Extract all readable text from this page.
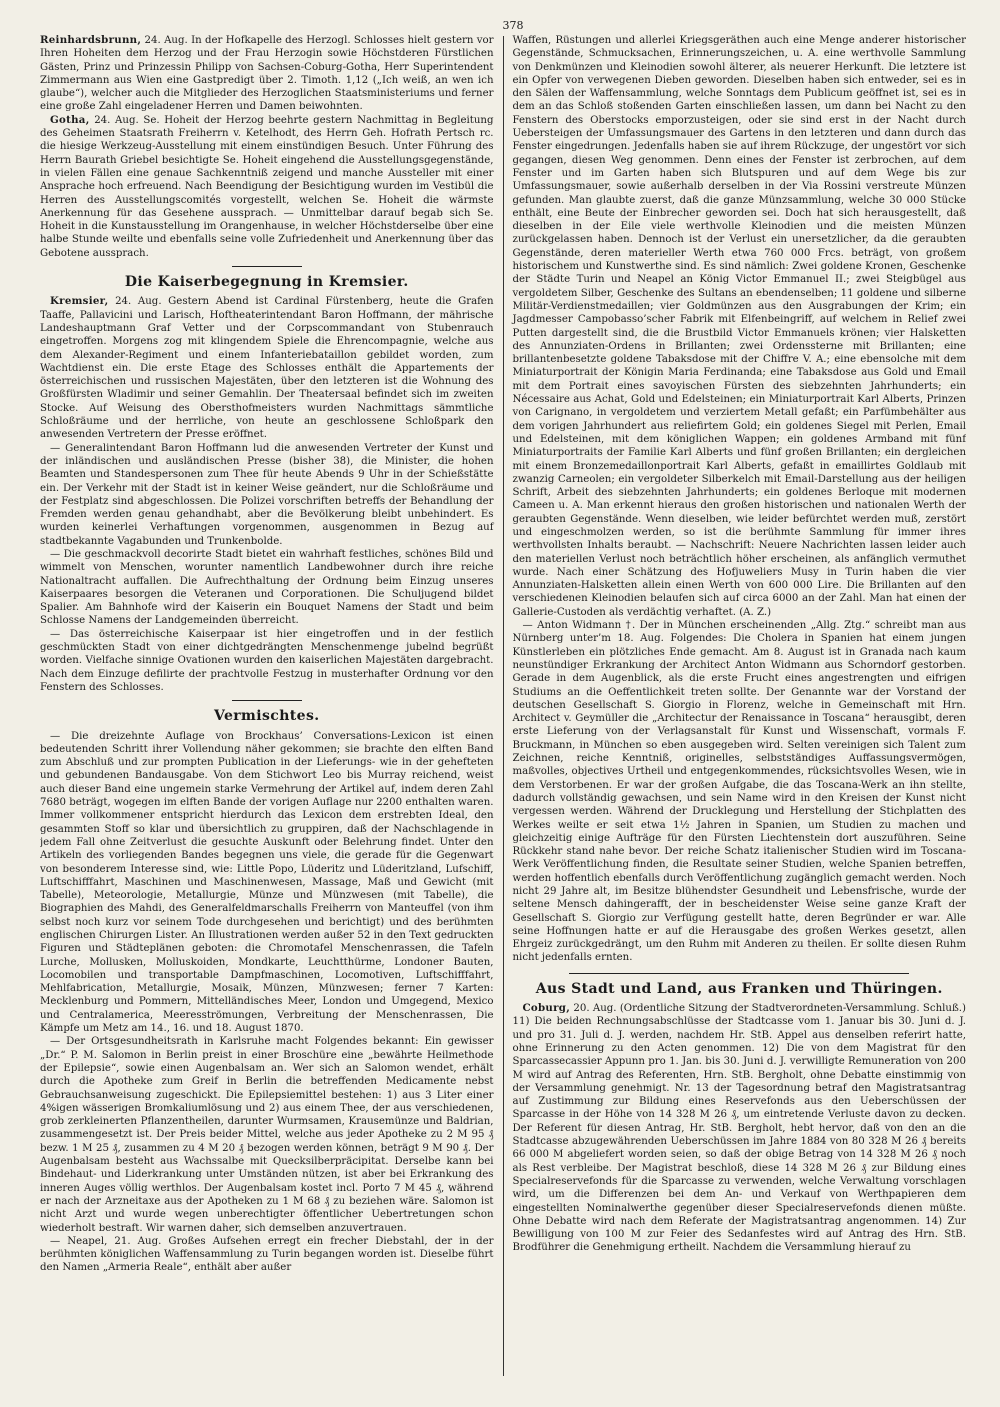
378

Reinhardsbrunn, 24. Aug. In der Hofkapelle des Herzogl. Schlosses hielt gestern vor Ihren Hoheiten dem Herzog und der Frau Herzogin sowie Höchstderen Fürstlichen Gästen, Prinz und Prinzessin Philipp von Sachsen-Coburg-Gotha, Herr Superintendent Zimmermann aus Wien eine Gastpredigt über 2. Timoth. 1,12 („Ich weiß, an wen ich glaube“), welcher auch die Mitglieder des Herzoglichen Staatsministeriums und ferner eine große Zahl eingeladener Herren und Damen beiwohnten.

Gotha, 24. Aug. Se. Hoheit der Herzog beehrte gestern Nachmittag in Begleitung des Geheimen Staatsrath Freiherrn v. Ketelhodt, des Herrn Geh. Hofrath Pertsch rc. die hiesige Werkzeug-Ausstellung mit einem einstündigen Besuch. Unter Führung des Herrn Baurath Griebel besichtigte Se. Hoheit eingehend die Ausstellungsgegenstände, in vielen Fällen eine genaue Sachkenntniß zeigend und manche Aussteller mit einer Ansprache hoch erfreuend. Nach Beendigung der Besichtigung wurden im Vestibül die Herren des Ausstellungscomités vorgestellt, welchen Se. Hoheit die wärmste Anerkennung für das Gesehene aussprach. — Unmittelbar darauf begab sich Se. Hoheit in die Kunstausstellung im Orangenhause, in welcher Höchstderselbe über eine halbe Stunde weilte und ebenfalls seine volle Zufriedenheit und Anerkennung über das Gebotene aussprach.

Die Kaiserbegegnung in Kremsier.

Kremsier, 24. Aug. Gestern Abend ist Cardinal Fürstenberg, heute die Grafen Taaffe, Pallavicini und Larisch, Hoftheaterintendant Baron Hoffmann, der mährische Landeshauptmann Graf Vetter und der Corpscommandant von Stubenrauch eingetroffen. Morgens zog mit klingendem Spiele die Ehrencompagnie, welche aus dem Alexander-Regiment und einem Infanteriebataillon gebildet worden, zum Wachtdienst ein. Die erste Etage des Schlosses enthält die Appartements der österreichischen und russischen Majestäten, über den letzteren ist die Wohnung des Großfürsten Wladimir und seiner Gemahlin. Der Theatersaal befindet sich im zweiten Stocke. Auf Weisung des Obersthofmeisters wurden Nachmittags sämmtliche Schloßräume und der herrliche, von heute an geschlossene Schloßpark den anwesenden Vertretern der Presse eröffnet.

— Generalintendant Baron Hoffmann lud die anwesenden Vertreter der Kunst und der inländischen und ausländischen Presse (bisher 38), die Minister, die hohen Beamten und Standespersonen zum Thee für heute Abends 9 Uhr in der Schießstätte ein. Der Verkehr mit der Stadt ist in keiner Weise geändert, nur die Schloßräume und der Festplatz sind abgeschlossen. Die Polizei vorschriften betreffs der Behandlung der Fremden werden genau gehandhabt, aber die Bevölkerung bleibt unbehindert. Es wurden keinerlei Verhaftungen vorgenommen, ausgenommen in Bezug auf stadtbekannte Vagabunden und Trunkenbolde.

— Die geschmackvoll decorirte Stadt bietet ein wahrhaft festliches, schönes Bild und wimmelt von Menschen, worunter namentlich Landbewohner durch ihre reiche Nationaltracht auffallen. Die Aufrechthaltung der Ordnung beim Einzug unseres Kaiserpaares besorgen die Veteranen und Corporationen. Die Schuljugend bildet Spalier. Am Bahnhofe wird der Kaiserin ein Bouquet Namens der Stadt und beim Schlosse Namens der Landgemeinden überreicht.

— Das österreichische Kaiserpaar ist hier eingetroffen und in der festlich geschmückten Stadt von einer dichtgedrängten Menschenmenge jubelnd begrüßt worden. Vielfache sinnige Ovationen wurden den kaiserlichen Majestäten dargebracht. Nach dem Einzuge defilirte der prachtvolle Festzug in musterhafter Ordnung vor den Fenstern des Schlosses.

Vermischtes.

— Die dreizehnte Auflage von Brockhaus’ Conversations-Lexicon ist einen bedeutenden Schritt ihrer Vollendung näher gekommen; sie brachte den elften Band zum Abschluß und zur prompten Publication in der Lieferungs- wie in der gehefteten und gebundenen Bandausgabe. Von dem Stichwort Leo bis Murray reichend, weist auch dieser Band eine ungemein starke Vermehrung der Artikel auf, indem deren Zahl 7680 beträgt, wogegen im elften Bande der vorigen Auflage nur 2200 enthalten waren. Immer vollkommener entspricht hierdurch das Lexicon dem erstrebten Ideal, den gesammten Stoff so klar und übersichtlich zu gruppiren, daß der Nachschlagende in jedem Fall ohne Zeitverlust die gesuchte Auskunft oder Belehrung findet. Unter den Artikeln des vorliegenden Bandes begegnen uns viele, die gerade für die Gegenwart von besonderem Interesse sind, wie: Little Popo, Lüderitz und Lüderitzland, Lufschiff, Luftschifffahrt, Maschinen und Maschinenwesen, Massage, Maß und Gewicht (mit Tabelle), Meteorologie, Metallurgie, Münze und Münzwesen (mit Tabelle), die Biographien des Mahdi, des Generalfeldmarschalls Freiherrn von Manteuffel (von ihm selbst noch kurz vor seinem Tode durchgesehen und berichtigt) und des berühmten englischen Chirurgen Lister. An Illustrationen werden außer 52 in den Text gedruckten Figuren und Städteplänen geboten: die Chromotafel Menschenrassen, die Tafeln Lurche, Mollusken, Molluskoiden, Mondkarte, Leuchtthürme, Londoner Bauten, Locomobilen und transportable Dampfmaschinen, Locomotiven, Luftschifffahrt, Mehlfabrication, Metallurgie, Mosaik, Münzen, Münzwesen; ferner 7 Karten: Mecklenburg und Pommern, Mittelländisches Meer, London und Umgegend, Mexico und Centralamerica, Meeresströmungen, Verbreitung der Menschenrassen, Die Kämpfe um Metz am 14., 16. und 18. August 1870.

— Der Ortsgesundheitsrath in Karlsruhe macht Folgendes bekannt: Ein gewisser „Dr.“ P. M. Salomon in Berlin preist in einer Broschüre eine „bewährte Heilmethode der Epilepsie“, sowie einen Augenbalsam an. Wer sich an Salomon wendet, erhält durch die Apotheke zum Greif in Berlin die betreffenden Medicamente nebst Gebrauchsanweisung zugeschickt. Die Epilepsiemittel bestehen: 1) aus 3 Liter einer 4%igen wässerigen Bromkaliumlösung und 2) aus einem Thee, der aus verschiedenen, grob zerkleinerten Pflanzentheilen, darunter Wurmsamen, Krausemünze und Baldrian, zusammengesetzt ist. Der Preis beider Mittel, welche aus jeder Apotheke zu 2 M 95 ₰ bezw. 1 M 25 ₰, zusammen zu 4 M 20 ₰ bezogen werden können, beträgt 9 M 90 ₰. Der Augenbalsam besteht aus Wachssalbe mit Quecksilberpräcipitat. Derselbe kann bei Bindehaut- und Liderkrankung unter Umständen nützen, ist aber bei Erkrankung des inneren Auges völlig werthlos. Der Augenbalsam kostet incl. Porto 7 M 45 ₰, während er nach der Arzneitaxe aus der Apotheken zu 1 M 68 ₰ zu beziehen wäre. Salomon ist nicht Arzt und wurde wegen unberechtigter öffentlicher Uebertretungen schon wiederholt bestraft. Wir warnen daher, sich demselben anzuvertrauen.

— Neapel, 21. Aug. Großes Aufsehen erregt ein frecher Diebstahl, der in der berühmten königlichen Waffensammlung zu Turin begangen worden ist. Dieselbe führt den Namen „Armeria Reale“, enthält aber außer

Waffen, Rüstungen und allerlei Kriegsgeräthen auch eine Menge anderer historischer Gegenstände, Schmucksachen, Erinnerungszeichen, u. A. eine werthvolle Sammlung von Denkmünzen und Kleinodien sowohl älterer, als neuerer Herkunft. Die letztere ist ein Opfer von verwegenen Dieben geworden. Dieselben haben sich entweder, sei es in den Sälen der Waffensammlung, welche Sonntags dem Publicum geöffnet ist, sei es in dem an das Schloß stoßenden Garten einschließen lassen, um dann bei Nacht zu den Fenstern des Oberstocks emporzusteigen, oder sie sind erst in der Nacht durch Uebersteigen der Umfassungsmauer des Gartens in den letzteren und dann durch das Fenster eingedrungen. Jedenfalls haben sie auf ihrem Rückzuge, der ungestört vor sich gegangen, diesen Weg genommen. Denn eines der Fenster ist zerbrochen, auf dem Fenster und im Garten haben sich Blutspuren und auf dem Wege bis zur Umfassungsmauer, sowie außerhalb derselben in der Via Rossini verstreute Münzen gefunden. Man glaubte zuerst, daß die ganze Münzsammlung, welche 30 000 Stücke enthält, eine Beute der Einbrecher geworden sei. Doch hat sich herausgestellt, daß dieselben in der Eile viele werthvolle Kleinodien und die meisten Münzen zurückgelassen haben. Dennoch ist der Verlust ein unersetzlicher, da die geraubten Gegenstände, deren materieller Werth etwa 760 000 Frcs. beträgt, von großem historischem und Kunstwerthe sind. Es sind nämlich: Zwei goldene Kronen, Geschenke der Städte Turin und Neapel an König Victor Emmanuel II.; zwei Steigbügel aus vergoldetem Silber, Geschenke des Sultans an ebendenselben; 11 goldene und silberne Militär-Verdienstmedaillen; vier Goldmünzen aus den Ausgrabungen der Krim; ein Jagdmesser Campobasso’scher Fabrik mit Elfenbeingriff, auf welchem in Relief zwei Putten dargestellt sind, die die Brustbild Victor Emmanuels krönen; vier Halsketten des Annunziaten-Ordens in Brillanten; zwei Ordenssterne mit Brillanten; eine brillantenbesetzte goldene Tabaksdose mit der Chiffre V. A.; eine ebensolche mit dem Miniaturportrait der Königin Maria Ferdinanda; eine Tabaksdose aus Gold und Email mit dem Portrait eines savoyischen Fürsten des siebzehnten Jahrhunderts; ein Nécessaire aus Achat, Gold und Edelsteinen; ein Miniaturportrait Karl Alberts, Prinzen von Carignano, in vergoldetem und verziertem Metall gefaßt; ein Parfümbehälter aus dem vorigen Jahrhundert aus reliefirtem Gold; ein goldenes Siegel mit Perlen, Email und Edelsteinen, mit dem königlichen Wappen; ein goldenes Armband mit fünf Miniaturportraits der Familie Karl Alberts und fünf großen Brillanten; ein dergleichen mit einem Bronzemedaillonportrait Karl Alberts, gefaßt in emaillirtes Goldlaub mit zwanzig Carneolen; ein vergoldeter Silberkelch mit Email-Darstellung aus der heiligen Schrift, Arbeit des siebzehnten Jahrhunderts; ein goldenes Berloque mit modernen Cameen u. A. Man erkennt hieraus den großen historischen und nationalen Werth der geraubten Gegenstände. Wenn dieselben, wie leider befürchtet werden muß, zerstört und eingeschmolzen werden, so ist die berühmte Sammlung für immer ihres werthvollsten Inhalts beraubt. — Nachschrift: Neuere Nachrichten lassen leider auch den materiellen Verlust noch beträchtlich höher erscheinen, als anfänglich vermuthet wurde. Nach einer Schätzung des Hofjuweliers Musy in Turin haben die vier Annunziaten-Halsketten allein einen Werth von 600 000 Lire. Die Brillanten auf den verschiedenen Kleinodien belaufen sich auf circa 6000 an der Zahl. Man hat einen der Gallerie-Custoden als verdächtig verhaftet. (A. Z.)

— Anton Widmann †. Der in München erscheinenden „Allg. Ztg.“ schreibt man aus Nürnberg unter’m 18. Aug. Folgendes: Die Cholera in Spanien hat einem jungen Künstlerleben ein plötzliches Ende gemacht. Am 8. August ist in Granada nach kaum neunstündiger Erkrankung der Architect Anton Widmann aus Schorndorf gestorben. Gerade in dem Augenblick, als die erste Frucht eines angestrengten und eifrigen Studiums an die Oeffentlichkeit treten sollte. Der Genannte war der Vorstand der deutschen Gesellschaft S. Giorgio in Florenz, welche in Gemeinschaft mit Hrn. Architect v. Geymüller die „Architectur der Renaissance in Toscana“ herausgibt, deren erste Lieferung von der Verlagsanstalt für Kunst und Wissenschaft, vormals F. Bruckmann, in München so eben ausgegeben wird. Selten vereinigen sich Talent zum Zeichnen, reiche Kenntniß, originelles, selbstständiges Auffassungsvermögen, maßvolles, objectives Urtheil und entgegenkommendes, rücksichtsvolles Wesen, wie in dem Verstorbenen. Er war der großen Aufgabe, die das Toscana-Werk an ihn stellte, dadurch vollständig gewachsen, und sein Name wird in den Kreisen der Kunst nicht vergessen werden. Während der Drucklegung und Herstellung der Stichplatten des Werkes weilte er seit etwa 1½ Jahren in Spanien, um Studien zu machen und gleichzeitig einige Aufträge für den Fürsten Liechtenstein dort auszuführen. Seine Rückkehr stand nahe bevor. Der reiche Schatz italienischer Studien wird im Toscana-Werk Veröffentlichung finden, die Resultate seiner Studien, welche Spanien betreffen, werden hoffentlich ebenfalls durch Veröffentlichung zugänglich gemacht werden. Noch nicht 29 Jahre alt, im Besitze blühendster Gesundheit und Lebensfrische, wurde der seltene Mensch dahingerafft, der in bescheidenster Weise seine ganze Kraft der Gesellschaft S. Giorgio zur Verfügung gestellt hatte, deren Begründer er war. Alle seine Hoffnungen hatte er auf die Herausgabe des großen Werkes gesetzt, allen Ehrgeiz zurückgedrängt, um den Ruhm mit Anderen zu theilen. Er sollte diesen Ruhm nicht jedenfalls ernten.

Aus Stadt und Land, aus Franken und Thüringen.

Coburg, 20. Aug. (Ordentliche Sitzung der Stadtverordneten-Versammlung. Schluß.) 11) Die beiden Rechnungsabschlüsse der Stadtcasse vom 1. Januar bis 30. Juni d. J. und pro 31. Juli d. J. werden, nachdem Hr. StB. Appel aus denselben referirt hatte, ohne Erinnerung zu den Acten genommen. 12) Die von dem Magistrat für den Sparcassecassier Appunn pro 1. Jan. bis 30. Juni d. J. verwilligte Remuneration von 200 M wird auf Antrag des Referenten, Hrn. StB. Bergholt, ohne Debatte einstimmig von der Versammlung genehmigt. Nr. 13 der Tagesordnung betraf den Magistratsantrag auf Zustimmung zur Bildung eines Reservefonds aus den Ueberschüssen der Sparcasse in der Höhe von 14 328 M 26 ₰, um eintretende Verluste davon zu decken. Der Referent für diesen Antrag, Hr. StB. Bergholt, hebt hervor, daß von den an die Stadtcasse abzugewährenden Ueberschüssen im Jahre 1884 von 80 328 M 26 ₰ bereits 66 000 M abgeliefert worden seien, so daß der obige Betrag von 14 328 M 26 ₰ noch als Rest verbleibe. Der Magistrat beschloß, diese 14 328 M 26 ₰ zur Bildung eines Specialreservefonds für die Sparcasse zu verwenden, welche Verwaltung vorschlagen wird, um die Differenzen bei dem An- und Verkauf von Werthpapieren dem eingestellten Nominalwerthe gegenüber dieser Specialreservefonds dienen müßte. Ohne Debatte wird nach dem Referate der Magistratsantrag angenommen. 14) Zur Bewilligung von 100 M zur Feier des Sedanfestes wird auf Antrag des Hrn. StB. Brodführer die Genehmigung ertheilt. Nachdem die Versammlung hierauf zu
